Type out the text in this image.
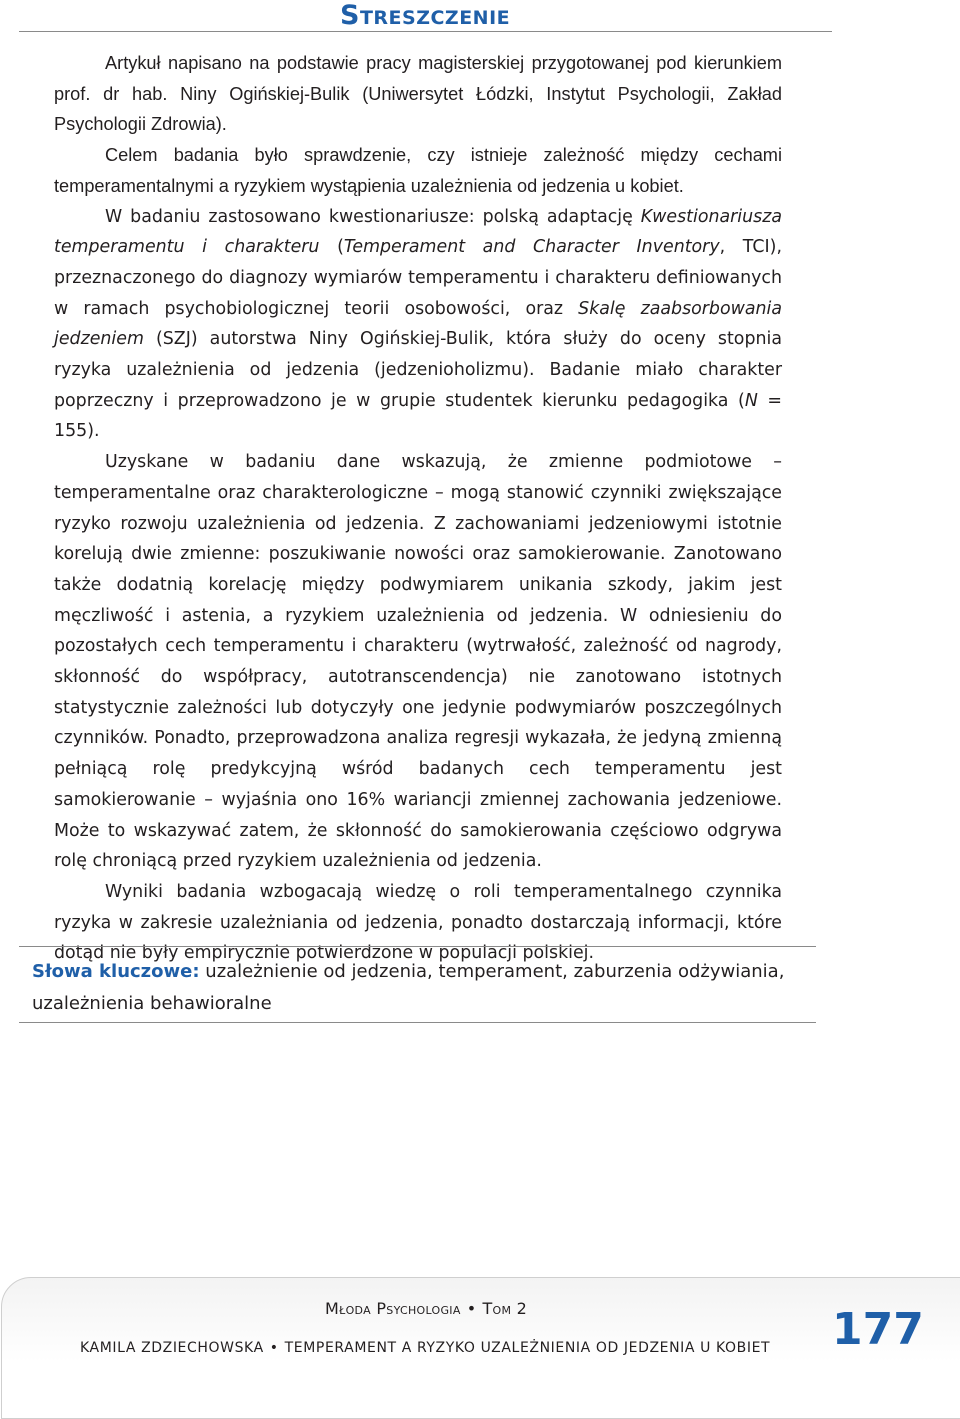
Streszczenie

Artykuł napisano na podstawie pracy magisterskiej przygotowanej pod kierunkiem prof. dr hab. Niny Ogińskiej-Bulik (Uniwersytet Łódzki, Instytut Psychologii, Zakład Psychologii Zdrowia).

Celem badania było sprawdzenie, czy istnieje zależność między cechami temperamentalnymi a ryzykiem wystąpienia uzależnienia od jedzenia u kobiet.

W badaniu zastosowano kwestionariusze: polską adaptację Kwestionariusza temperamentu i charakteru (Temperament and Character Inventory, TCI), przeznaczonego do diagnozy wymiarów temperamentu i charakteru definiowanych w ramach psychobiologicznej teorii osobowości, oraz Skalę zaabsorbowania jedzeniem (SZJ) autorstwa Niny Ogińskiej-Bulik, która służy do oceny stopnia ryzyka uzależnienia od jedzenia (jedzenioholizmu). Badanie miało charakter poprzeczny i przeprowadzono je w grupie studentek kierunku pedagogika (N = 155).

Uzyskane w badaniu dane wskazują, że zmienne podmiotowe – temperamentalne oraz charakterologiczne – mogą stanowić czynniki zwiększające ryzyko rozwoju uzależnienia od jedzenia. Z zachowaniami jedzeniowymi istotnie korelują dwie zmienne: poszukiwanie nowości oraz samokierowanie. Zanotowano także dodatnią korelację między podwymiarem unikania szkody, jakim jest męczliwość i astenia, a ryzykiem uzależnienia od jedzenia. W odniesieniu do pozostałych cech temperamentu i charakteru (wytrwałość, zależność od nagrody, skłonność do współpracy, autotranscendencja) nie zanotowano istotnych statystycznie zależności lub dotyczyły one jedynie podwymiarów poszczególnych czynników. Ponadto, przeprowadzona analiza regresji wykazała, że jedyną zmienną pełniącą rolę predykcyjną wśród badanych cech temperamentu jest samokierowanie – wyjaśnia ono 16% wariancji zmiennej zachowania jedzeniowe. Może to wskazywać zatem, że skłonność do samokierowania częściowo odgrywa rolę chroniącą przed ryzykiem uzależnienia od jedzenia.

Wyniki badania wzbogacają wiedzę o roli temperamentalnego czynnika ryzyka w zakresie uzależniania od jedzenia, ponadto dostarczają informacji, które dotąd nie były empirycznie potwierdzone w populacji polskiej.

Słowa kluczowe: uzależnienie od jedzenia, temperament, zaburzenia odżywiania, uzależnienia behawioralne
Młoda Psychologia • Tom 2
KAMILA ZDZIECHOWSKA • TEMPERAMENT A RYZYKO UZALEŻNIENIA OD JEDZENIA U KOBIET 177
